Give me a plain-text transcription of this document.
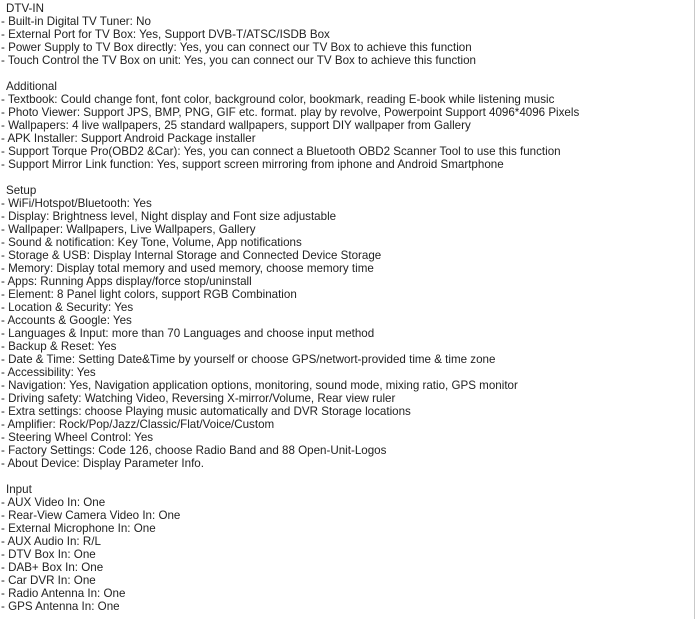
DTV-IN
- Built-in Digital TV Tuner: No
- External Port for TV Box: Yes, Support DVB-T/ATSC/ISDB Box
- Power Supply to TV Box directly: Yes, you can connect our TV Box to achieve this function
- Touch Control the TV Box on unit: Yes, you can connect our TV Box to achieve this function
Additional
- Textbook: Could change font, font color, background color, bookmark, reading E-book while listening music
- Photo Viewer: Support JPS, BMP, PNG, GIF etc. format. play by revolve, Powerpoint Support 4096*4096 Pixels
- Wallpapers: 4 live wallpapers, 25 standard wallpapers, support DIY wallpaper from Gallery
- APK Installer: Support Android Package installer
- Support Torque Pro(OBD2 &Car): Yes, you can connect a Bluetooth OBD2 Scanner Tool to use this function
- Support Mirror Link function: Yes, support screen mirroring from iphone and Android Smartphone
Setup
- WiFi/Hotspot/Bluetooth: Yes
- Display: Brightness level, Night display and Font size adjustable
- Wallpaper: Wallpapers, Live Wallpapers, Gallery
- Sound & notification: Key Tone, Volume, App notifications
- Storage & USB: Display Internal Storage and Connected Device Storage
- Memory: Display total memory and used memory, choose memory time
- Apps: Running Apps display/force stop/uninstall
- Element: 8 Panel light colors, support RGB Combination
- Location & Security: Yes
- Accounts & Google: Yes
- Languages & Input: more than 70 Languages and choose input method
- Backup & Reset: Yes
- Date & Time: Setting Date&Time by yourself or choose GPS/networt-provided time & time zone
- Accessibility: Yes
- Navigation: Yes, Navigation application options, monitoring, sound mode, mixing ratio, GPS monitor
- Driving safety: Watching Video, Reversing X-mirror/Volume, Rear view ruler
- Extra settings: choose Playing music automatically and DVR Storage locations
- Amplifier: Rock/Pop/Jazz/Classic/Flat/Voice/Custom
- Steering Wheel Control: Yes
- Factory Settings: Code 126, choose Radio Band and 88 Open-Unit-Logos
- About Device: Display Parameter Info.
Input
- AUX Video In: One
- Rear-View Camera Video In: One
- External Microphone In: One
- AUX Audio In: R/L
- DTV Box In: One
- DAB+ Box In: One
- Car DVR In: One
- Radio Antenna In: One
- GPS Antenna In: One
